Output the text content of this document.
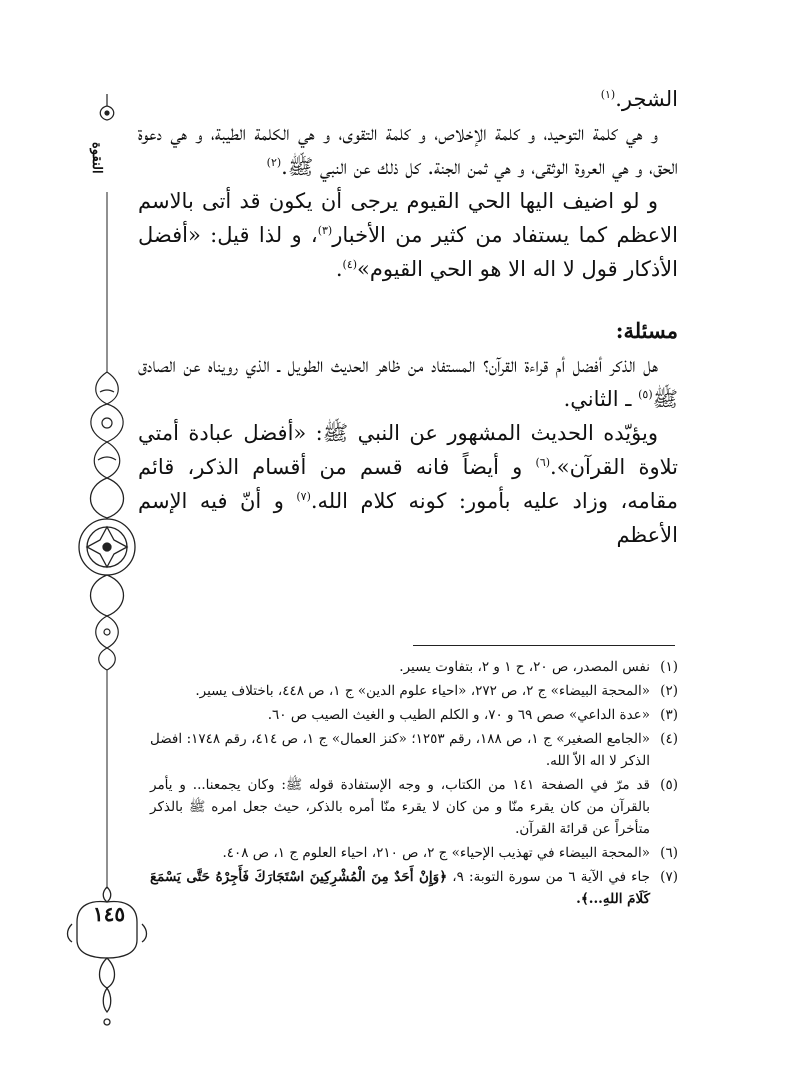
النقوة
١٤٥

الشجر.$^{(١)}$

و هي كلمة التوحيد، و كلمة الإخلاص، و كلمة التقوى، و هي الكلمة الطيبة، و هي دعوة الحق، و هي العروة الوثقى، و هي ثمن الجنة. كل ذلك عن النبي ﷺ.$^{(٢)}$

و لو اضيف اليها الحي القيوم يرجى أن يكون قد أتى بالاسم الاعظم كما يستفاد من كثير من الأخبار$^{(٣)}$، و لذا قيل: «أفضل الأذكار قول لا اله الا هو الحي القيوم»$^{(٤)}$.

مسئلة:

هل الذكر أفضل أم قراءة القرآن؟ المستفاد من ظاهر الحديث الطويل ـ الذي رويناه عن الصادق ﷺ$^{(٥)}$ ـ الثاني.

ويؤيّده الحديث المشهور عن النبي ﷺ: «أفضل عبادة أمتي تلاوة القرآن».$^{(٦)}$ و أيضاً فانه قسم من أقسام الذكر، قائم مقامه، وزاد عليه بأمور: كونه كلام الله.$^{(٧)}$ و أنّ فيه الإسم الأعظم

(١)
نفس المصدر، ص ٢٠، ح ١ و ٢، بتفاوت يسير.

(٢)
«المحجة البيضاء» ج ٢، ص ٢٧٢، «احياء علوم الدين» ج ١، ص ٤٤٨، باختلاف يسير.

(٣)
«عدة الداعي» صص ٦٩ و ٧٠، و الكلم الطيب و الغيث الصيب ص ٦٠.

(٤)
«الجامع الصغير» ج ١، ص ١٨٨، رقم ١٢٥٣؛ «كنز العمال» ج ١، ص ٤١٤، رقم ١٧٤٨: افضل الذكر لا اله الاّ الله.

(٥)
قد مرّ في الصفحة ١٤١ من الكتاب، و وجه الإستفادة قوله ﷺ: وكان يجمعنا... و يأمر بالقرآن من كان يقرء منّا و من كان لا يقرء منّا أمره بالذكر، حيث جعل امره ﷺ بالذكر متأخراً عن قرائة القرآن.

(٦)
«المحجة البيضاء في تهذيب الإحياء» ج ٢، ص ٢١٠، احياء العلوم ج ١، ص ٤٠٨.

(٧)
جاء في الآية ٦ من سورة التوبة: ٩، ﴿وَإِنْ أَحَدٌ مِنَ الْمُشْرِكِينَ اسْتَجَارَكَ فَأَجِرْهُ حَتَّى يَسْمَعَ كَلَامَ اللهِ...﴾.
